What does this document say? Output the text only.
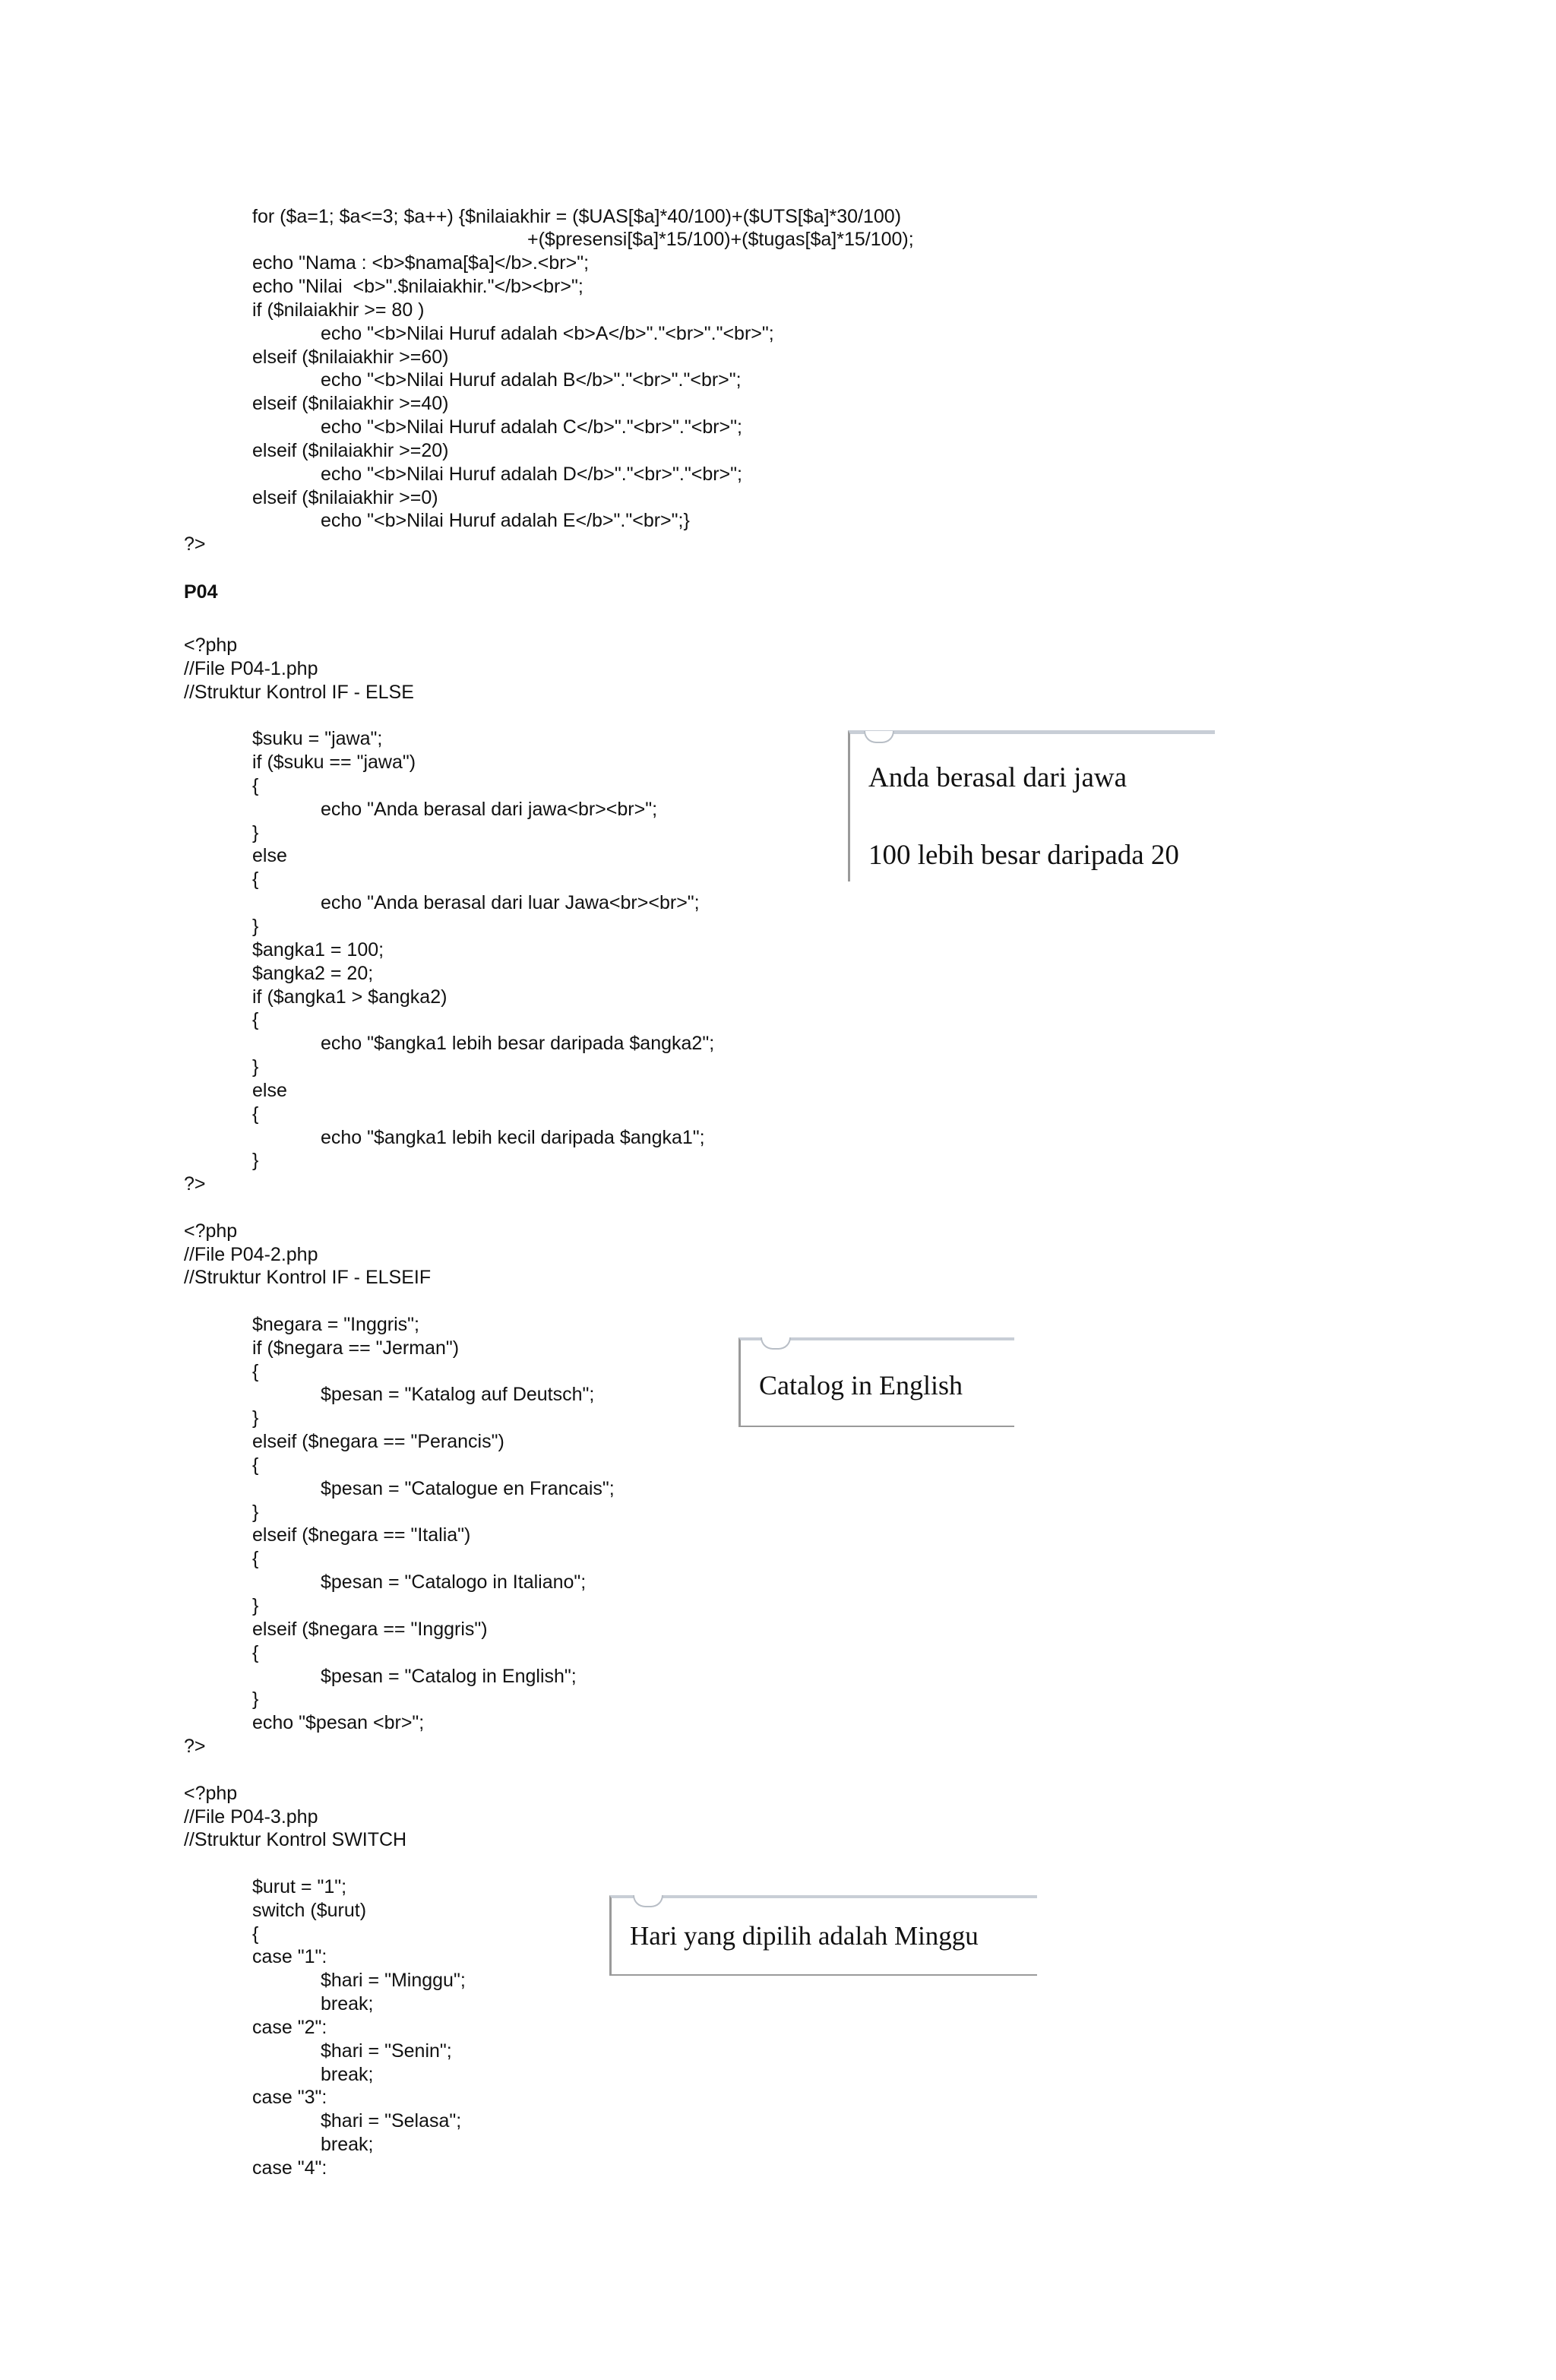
for ($a=1; $a<=3; $a++) {$nilaiakhir = ($UAS[$a]*40/100)+($UTS[$a]*30/100)
+($presensi[$a]*15/100)+($tugas[$a]*15/100);
echo "Nama : <b>$nama[$a]</b>.<br>";
echo "Nilai  <b>".$nilaiakhir."</b><br>";
if ($nilaiakhir >= 80 )
echo "<b>Nilai Huruf adalah <b>A</b>"."<br>"."<br>";
elseif ($nilaiakhir >=60)
echo "<b>Nilai Huruf adalah B</b>"."<br>"."<br>";
elseif ($nilaiakhir >=40)
echo "<b>Nilai Huruf adalah C</b>"."<br>"."<br>";
elseif ($nilaiakhir >=20)
echo "<b>Nilai Huruf adalah D</b>"."<br>"."<br>";
elseif ($nilaiakhir >=0)
echo "<b>Nilai Huruf adalah E</b>"."<br>";}
?>
P04
<?php
//File P04-1.php
//Struktur Kontrol IF - ELSE
$suku = "jawa";
if ($suku == "jawa")
{
echo "Anda berasal dari jawa<br><br>";
}
else
{
echo "Anda berasal dari luar Jawa<br><br>";
}
$angka1 = 100;
$angka2 = 20;
if ($angka1 > $angka2)
{
echo "$angka1 lebih besar daripada $angka2";
}
else
{
echo "$angka1 lebih kecil daripada $angka1";
}
?>
<?php
//File P04-2.php
//Struktur Kontrol IF - ELSEIF
$negara = "Inggris";
if ($negara == "Jerman")
{
$pesan = "Katalog auf Deutsch";
}
elseif ($negara == "Perancis")
{
$pesan = "Catalogue en Francais";
}
elseif ($negara == "Italia")
{
$pesan = "Catalogo in Italiano";
}
elseif ($negara == "Inggris")
{
$pesan = "Catalog in English";
}
echo "$pesan <br>";
?>
<?php
//File P04-3.php
//Struktur Kontrol SWITCH
$urut = "1";
switch ($urut)
{
case "1":
$hari = "Minggu";
break;
case "2":
$hari = "Senin";
break;
case "3":
$hari = "Selasa";
break;
case "4":
Anda berasal dari jawa
100 lebih besar daripada 20
Catalog in English
Hari yang dipilih adalah Minggu
